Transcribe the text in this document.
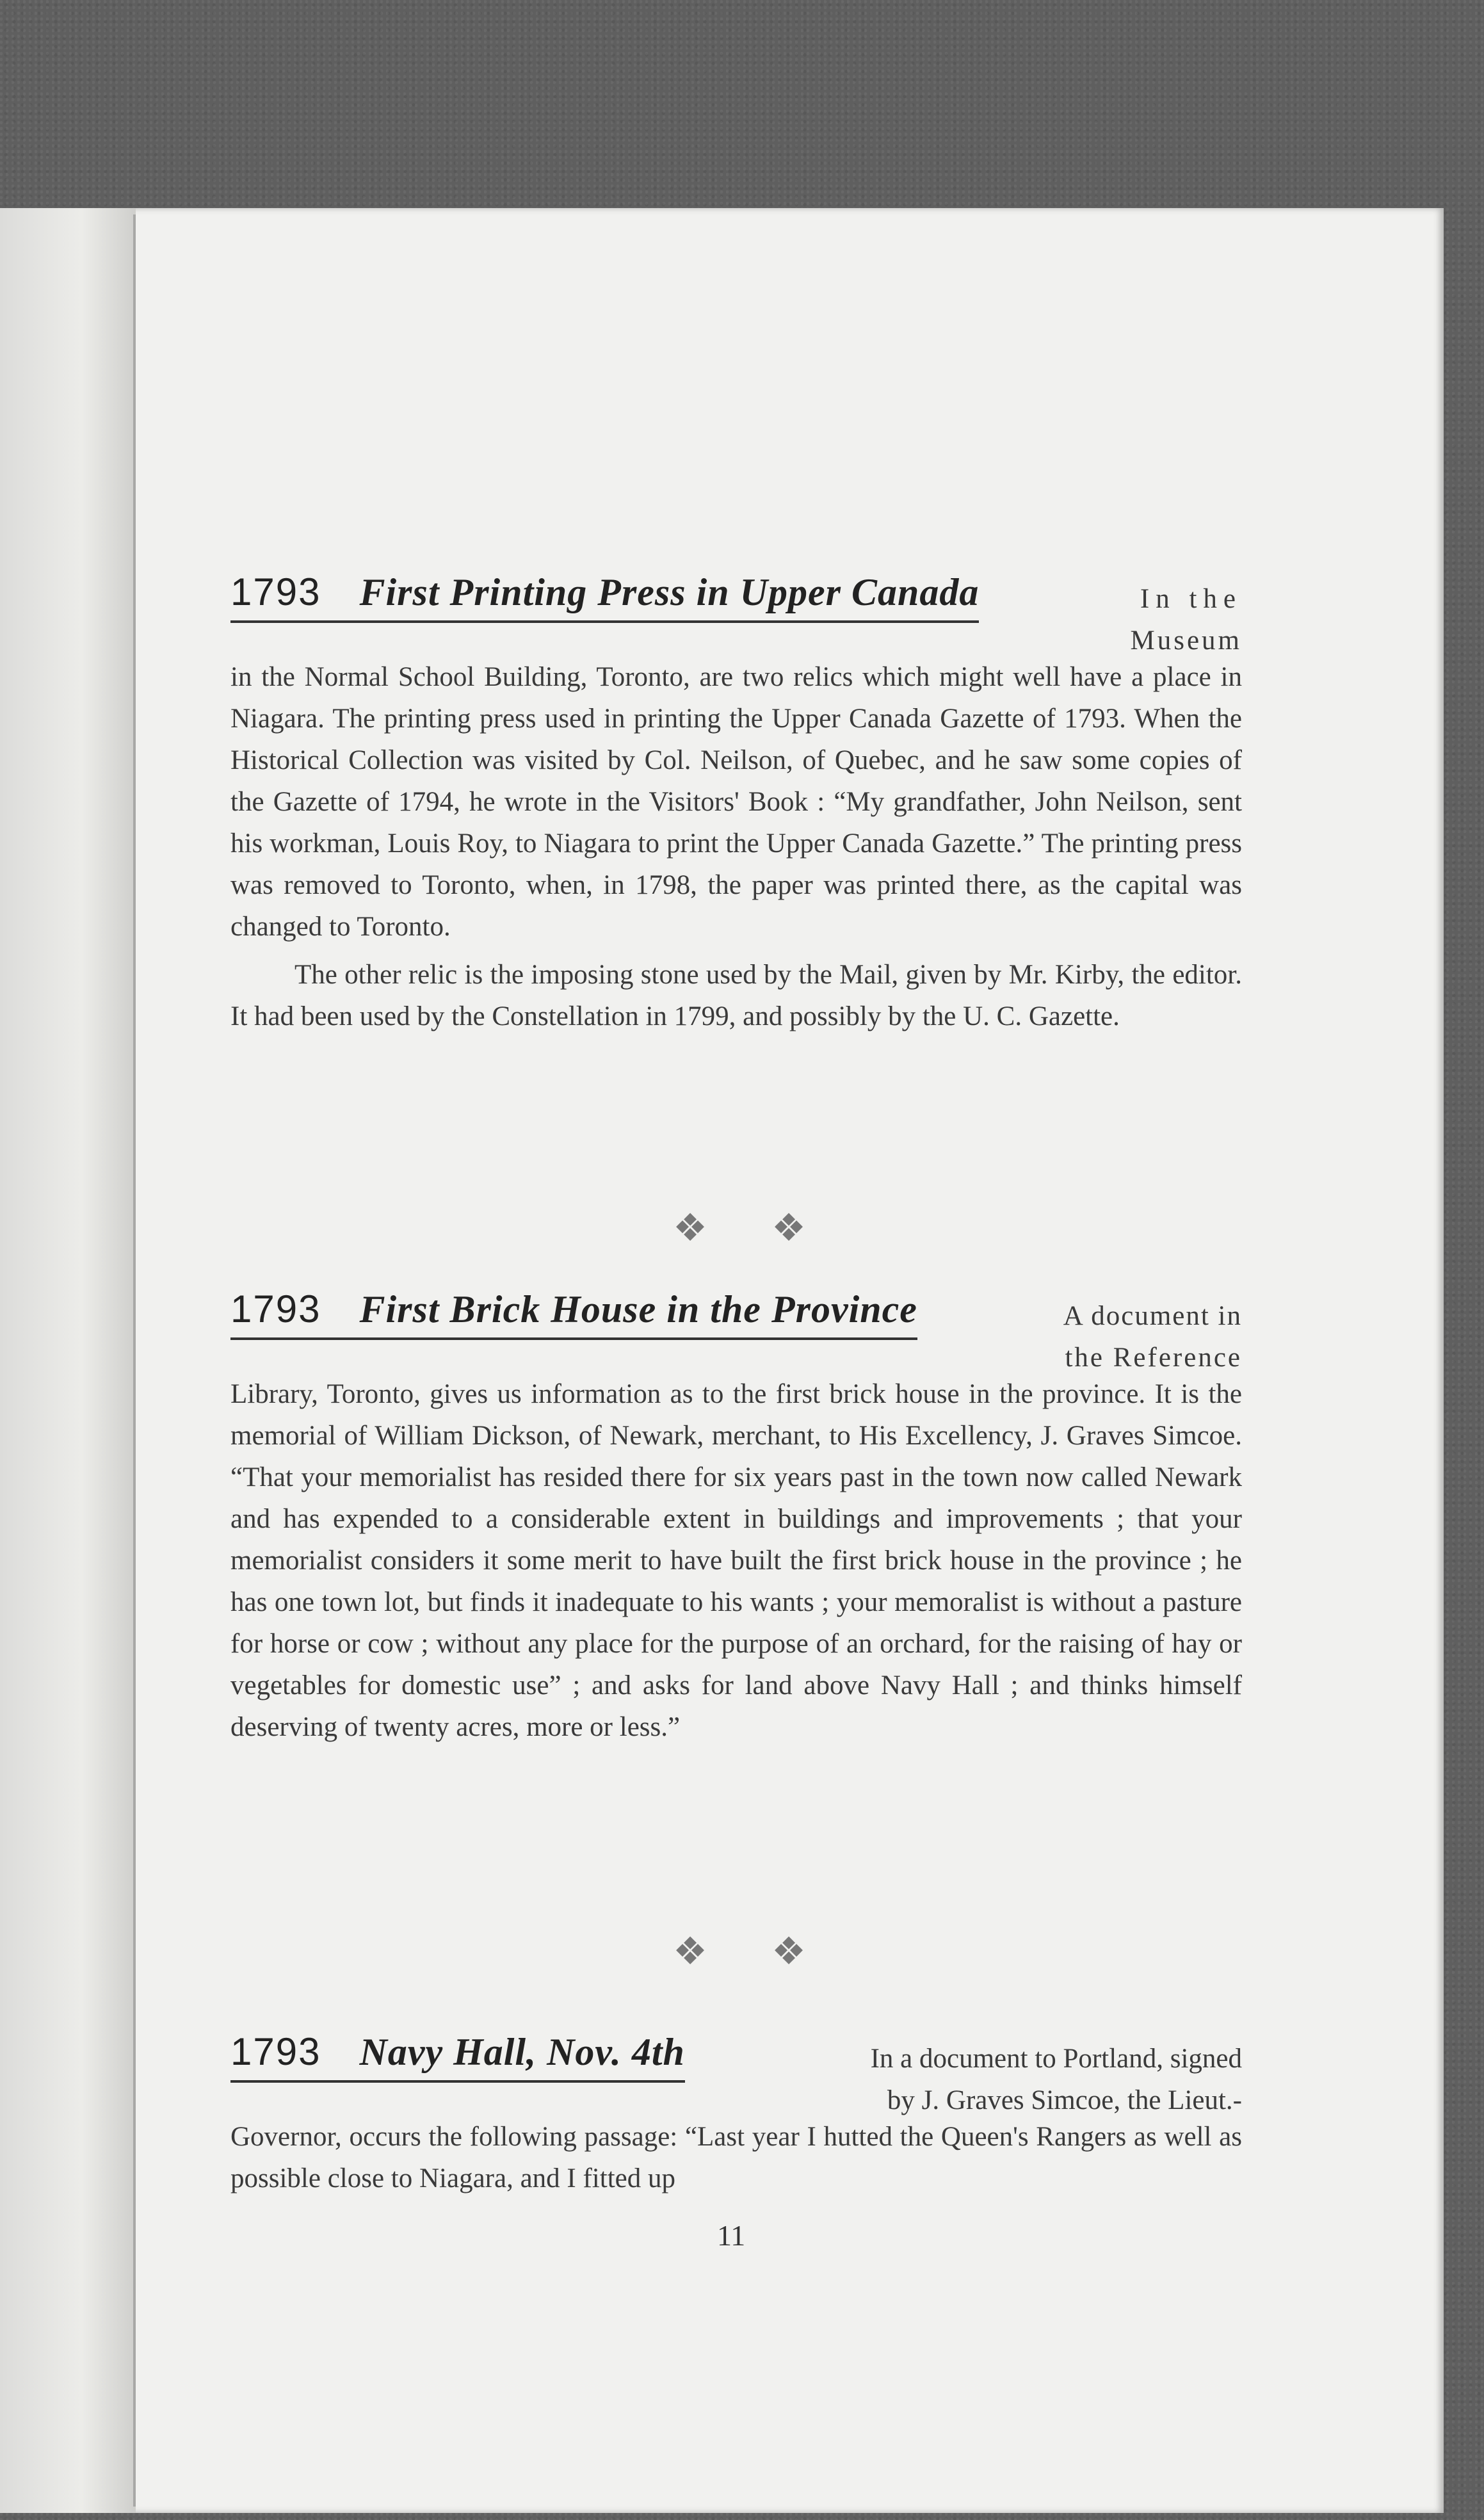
1793 First Printing Press in Upper Canada	In the
Museum

in the Normal School Building, Toronto, are two relics which might well have a place in Niagara. The printing press used in printing the Upper Canada Gazette of 1793. When the Historical Collection was visited by Col. Neilson, of Quebec, and he saw some copies of the Gazette of 1794, he wrote in the Visitors' Book : “My grandfather, John Neilson, sent his workman, Louis Roy, to Niagara to print the Upper Canada Gazette.” The printing press was removed to Toronto, when, in 1798, the paper was printed there, as the capital was changed to Toronto.

The other relic is the imposing stone used by the Mail, given by Mr. Kirby, the editor. It had been used by the Constellation in 1799, and possibly by the U. C. Gazette.

❖ ❖
1793 First Brick House in the Province	A document in
the Reference

Library, Toronto, gives us information as to the first brick house in the province. It is the memorial of William Dickson, of Newark, merchant, to His Excellency, J. Graves Simcoe. “That your memorialist has resided there for six years past in the town now called Newark and has expended to a considerable extent in buildings and improvements ; that your memorialist considers it some merit to have built the first brick house in the province ; he has one town lot, but finds it inadequate to his wants ; your memoralist is without a pasture for horse or cow ; without any place for the purpose of an orchard, for the raising of hay or vegetables for domestic use” ; and asks for land above Navy Hall ; and thinks himself deserving of twenty acres, more or less.”

❖ ❖
1793 Navy Hall, Nov. 4th	In a document to Portland, signed
by J. Graves Simcoe, the Lieut.-

Governor, occurs the following passage: “Last year I hutted the Queen's Rangers as well as possible close to Niagara, and I fitted up

11
